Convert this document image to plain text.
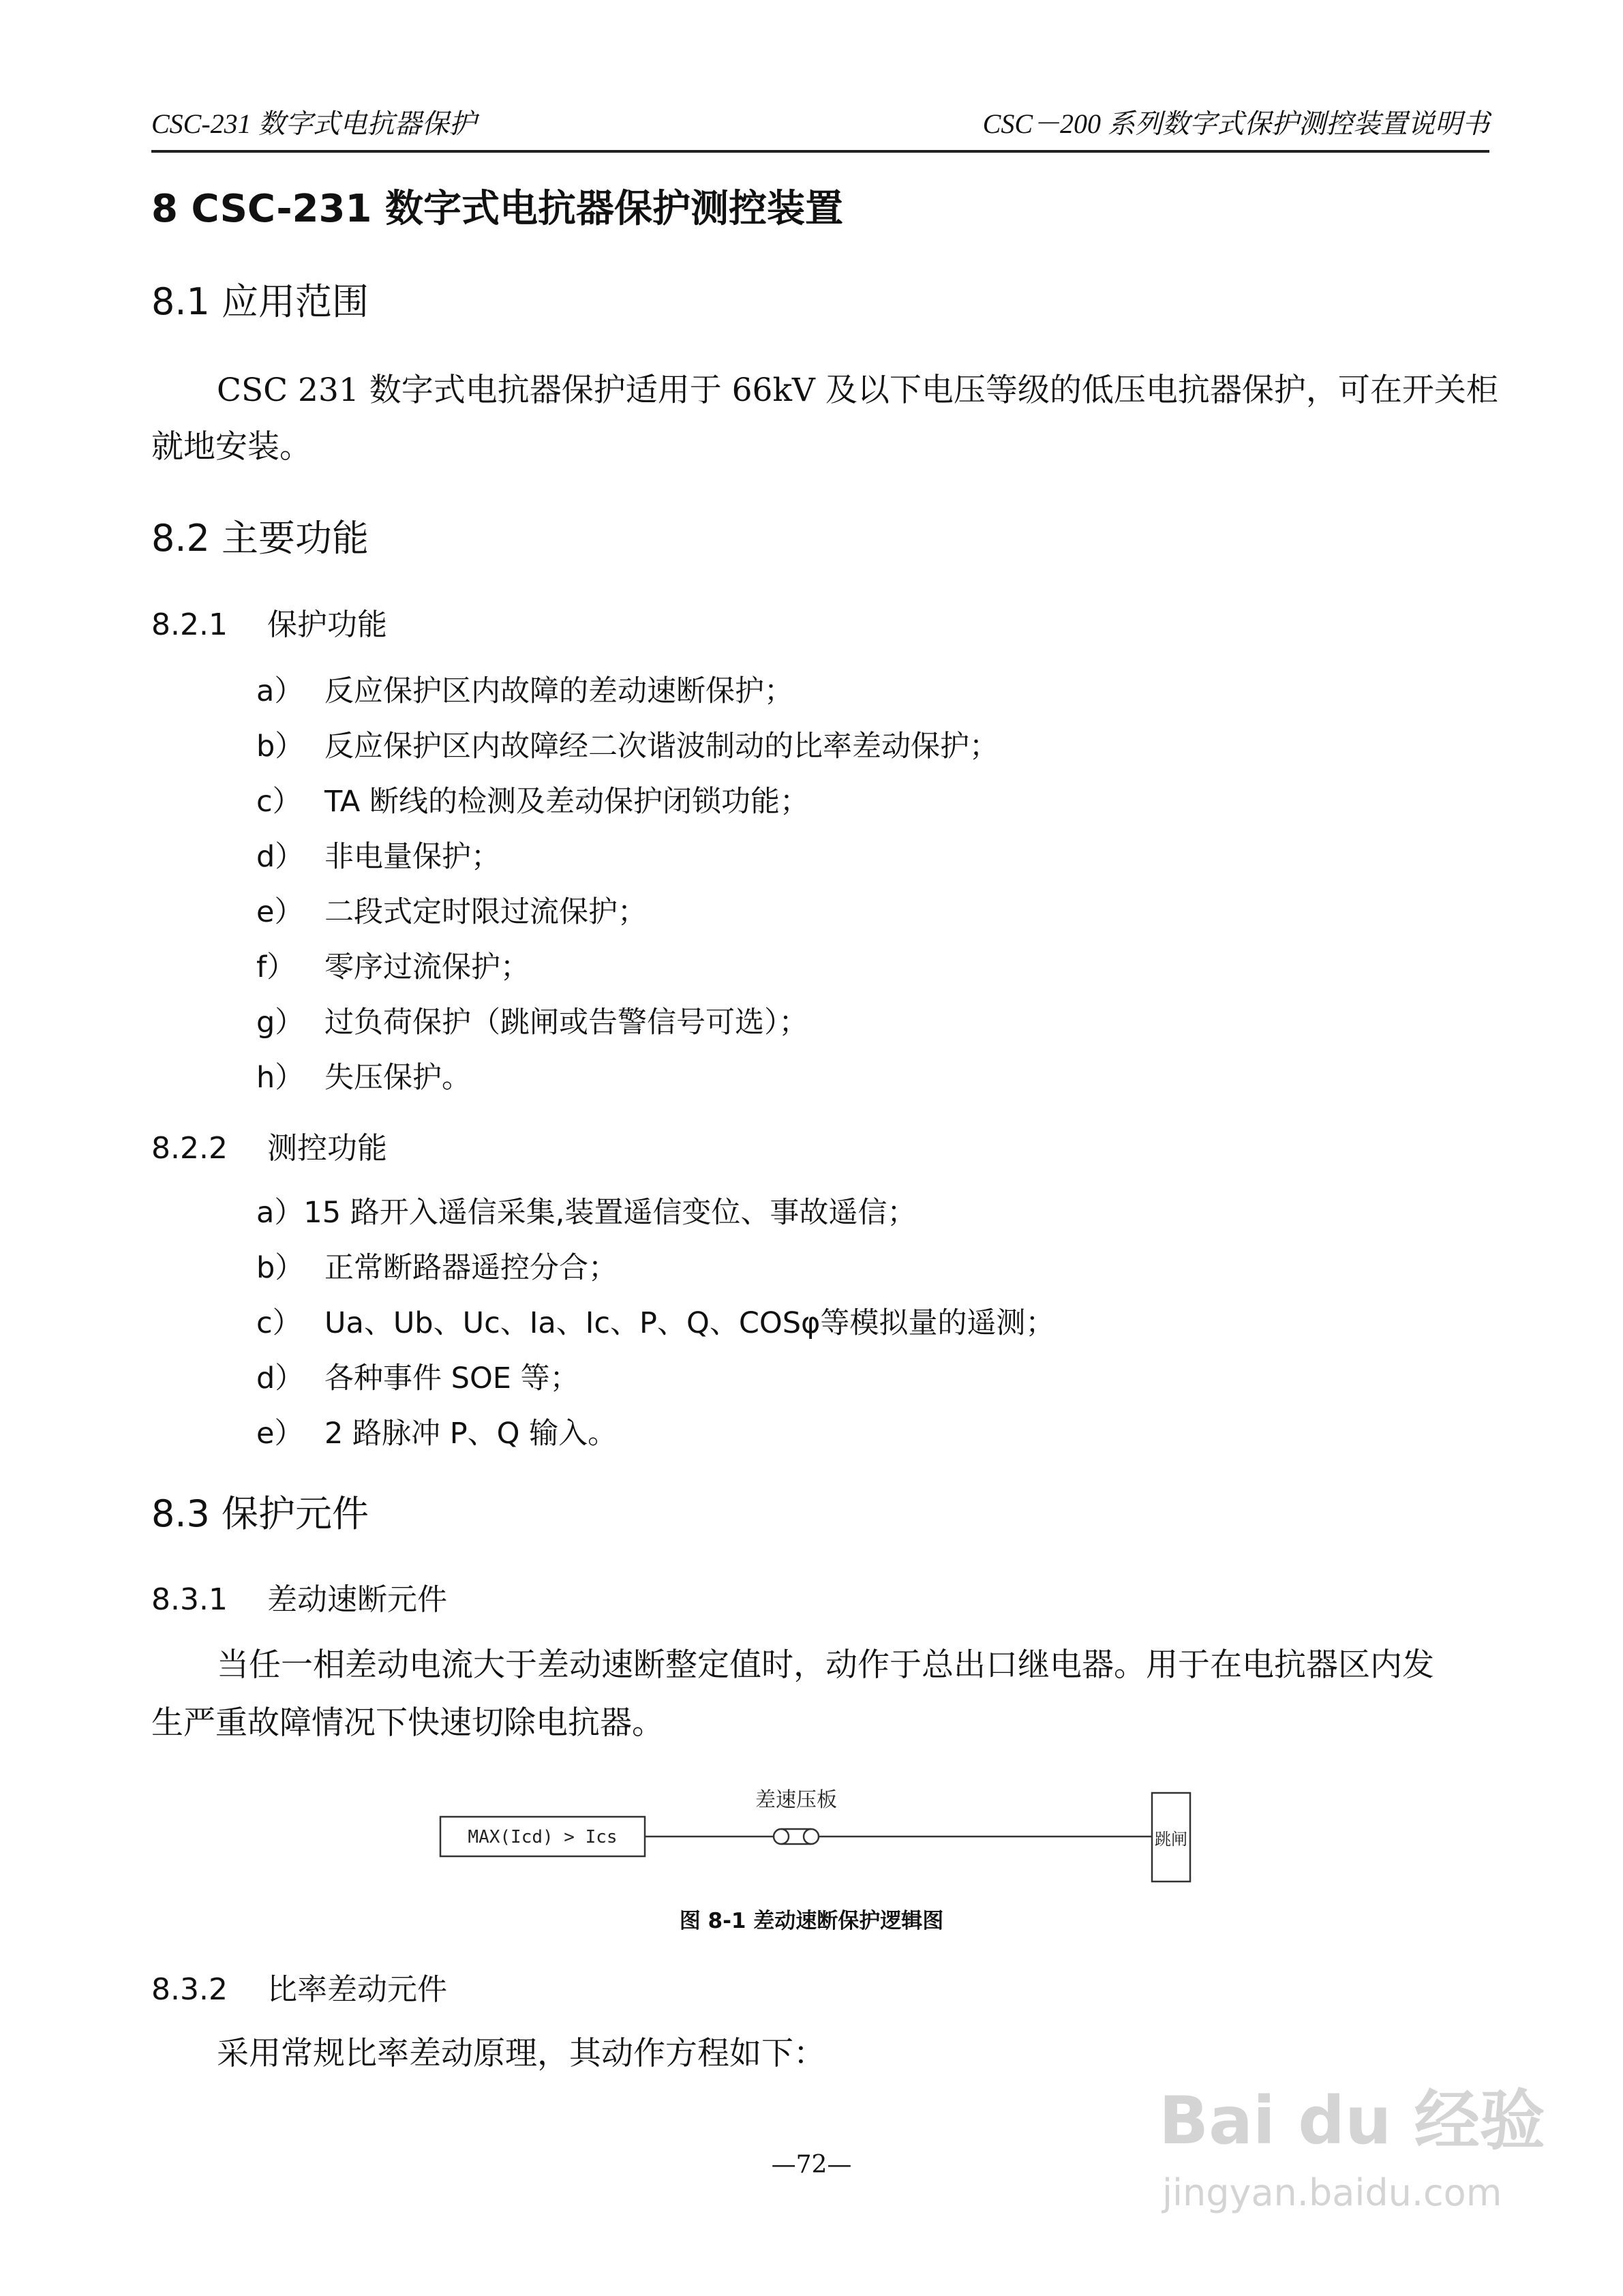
CSC-231 数字式电抗器保护	CSC－200 系列数字式保护测控装置说明书
8 CSC-231 数字式电抗器保护测控装置
8.1 应用范围
CSC 231 数字式电抗器保护适用于 66kV 及以下电压等级的低压电抗器保护，可在开关柜
就地安装。
8.2 主要功能
8.2.1 保护功能
a） 反应保护区内故障的差动速断保护；
b） 反应保护区内故障经二次谐波制动的比率差动保护；
c） TA 断线的检测及差动保护闭锁功能；
d） 非电量保护；
e） 二段式定时限过流保护；
f） 零序过流保护；
g） 过负荷保护（跳闸或告警信号可选）；
h） 失压保护。
8.2.2 测控功能
a）15 路开入遥信采集,装置遥信变位、事故遥信；
b） 正常断路器遥控分合；
c） Ua、Ub、Uc、Ia、Ic、P、Q、COSφ等模拟量的遥测；
d） 各种事件 SOE 等；
e） 2 路脉冲 P、Q 输入。
8.3 保护元件
8.3.1 差动速断元件
当任一相差动电流大于差动速断整定值时，动作于总出口继电器。用于在电抗器区内发
生严重故障情况下快速切除电抗器。
MAX(Icd) > Ics
差速压板
跳闸
图 8-1 差动速断保护逻辑图
8.3.2 比率差动元件
采用常规比率差动原理，其动作方程如下：
—72—
Bai du 经验
jingyan.baidu.com
